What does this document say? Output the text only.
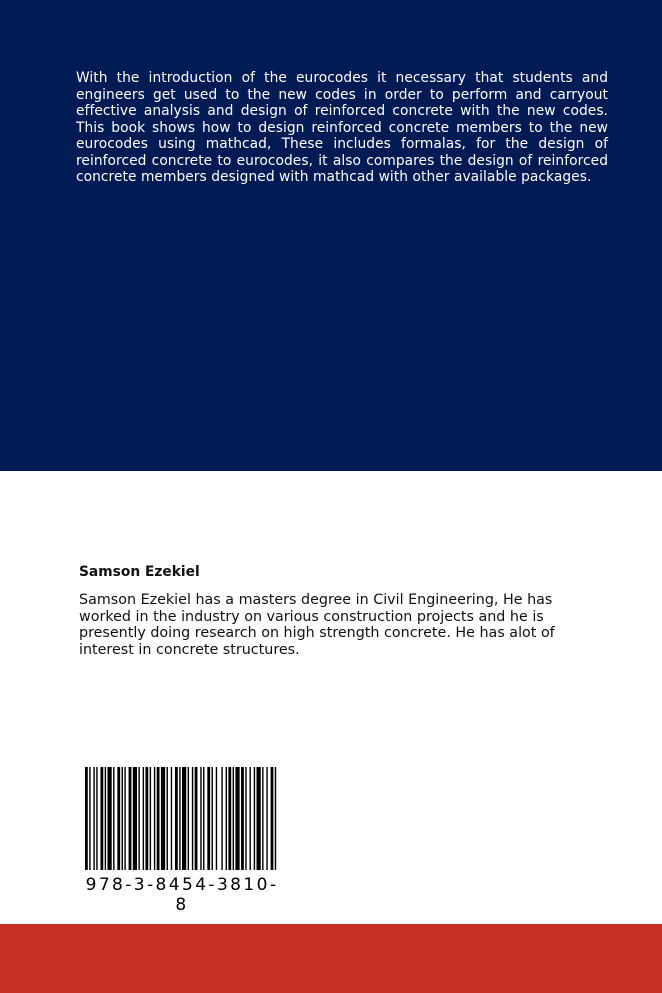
With the introduction of the eurocodes it necessary that students and engineers get used to the new codes in order to perform and carryout effective analysis and design of reinforced concrete with the new codes. This book shows how to design reinforced concrete members to the new eurocodes using mathcad, These includes formalas, for the design of reinforced concrete to eurocodes, it also compares the design of reinforced concrete members designed with mathcad with other available packages.

Samson Ezekiel

Samson Ezekiel has a masters degree in Civil Engineering, He has worked in the industry on various construction projects and he is presently doing research on high strength concrete. He has alot of interest in concrete structures.

978-3-8454-3810-8
